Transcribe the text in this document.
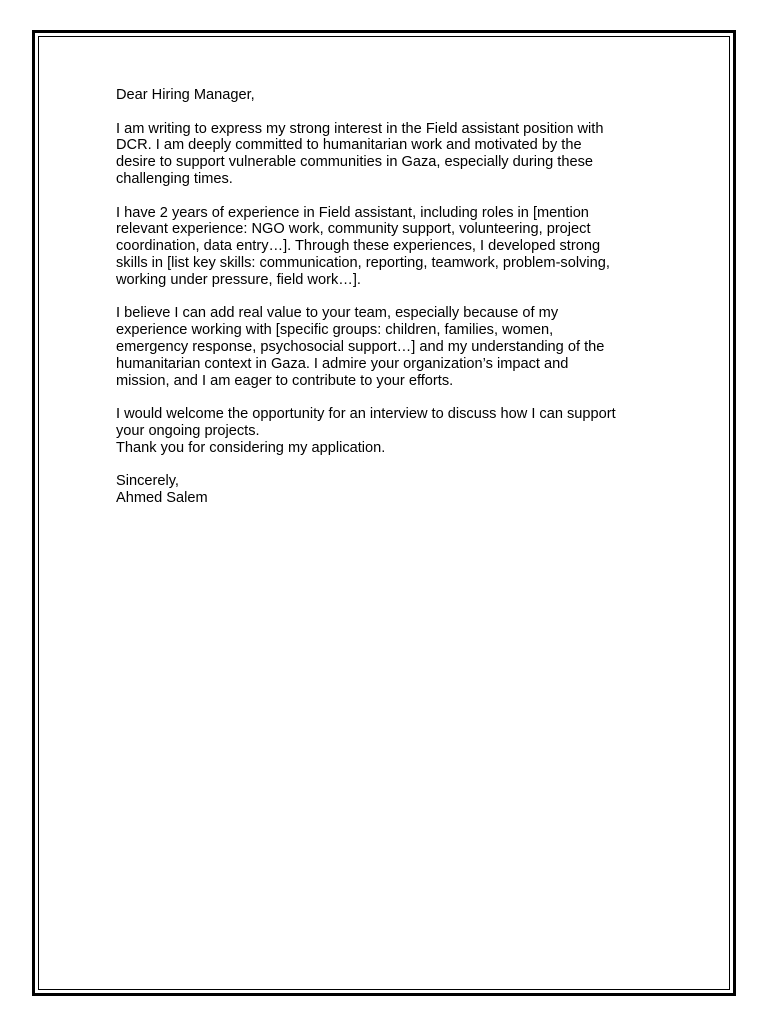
Dear Hiring Manager,

I am writing to express my strong interest in the Field assistant position with

DCR. I am deeply committed to humanitarian work and motivated by the

desire to support vulnerable communities in Gaza, especially during these

challenging times.

I have 2 years of experience in Field assistant, including roles in [mention

relevant experience: NGO work, community support, volunteering, project

coordination, data entry…]. Through these experiences, I developed strong

skills in [list key skills: communication, reporting, teamwork, problem-solving,

working under pressure, field work…].

I believe I can add real value to your team, especially because of my

experience working with [specific groups: children, families, women,

emergency response, psychosocial support…] and my understanding of the

humanitarian context in Gaza. I admire your organization’s impact and

mission, and I am eager to contribute to your efforts.

I would welcome the opportunity for an interview to discuss how I can support

your ongoing projects.

Thank you for considering my application.

Sincerely,

Ahmed Salem
